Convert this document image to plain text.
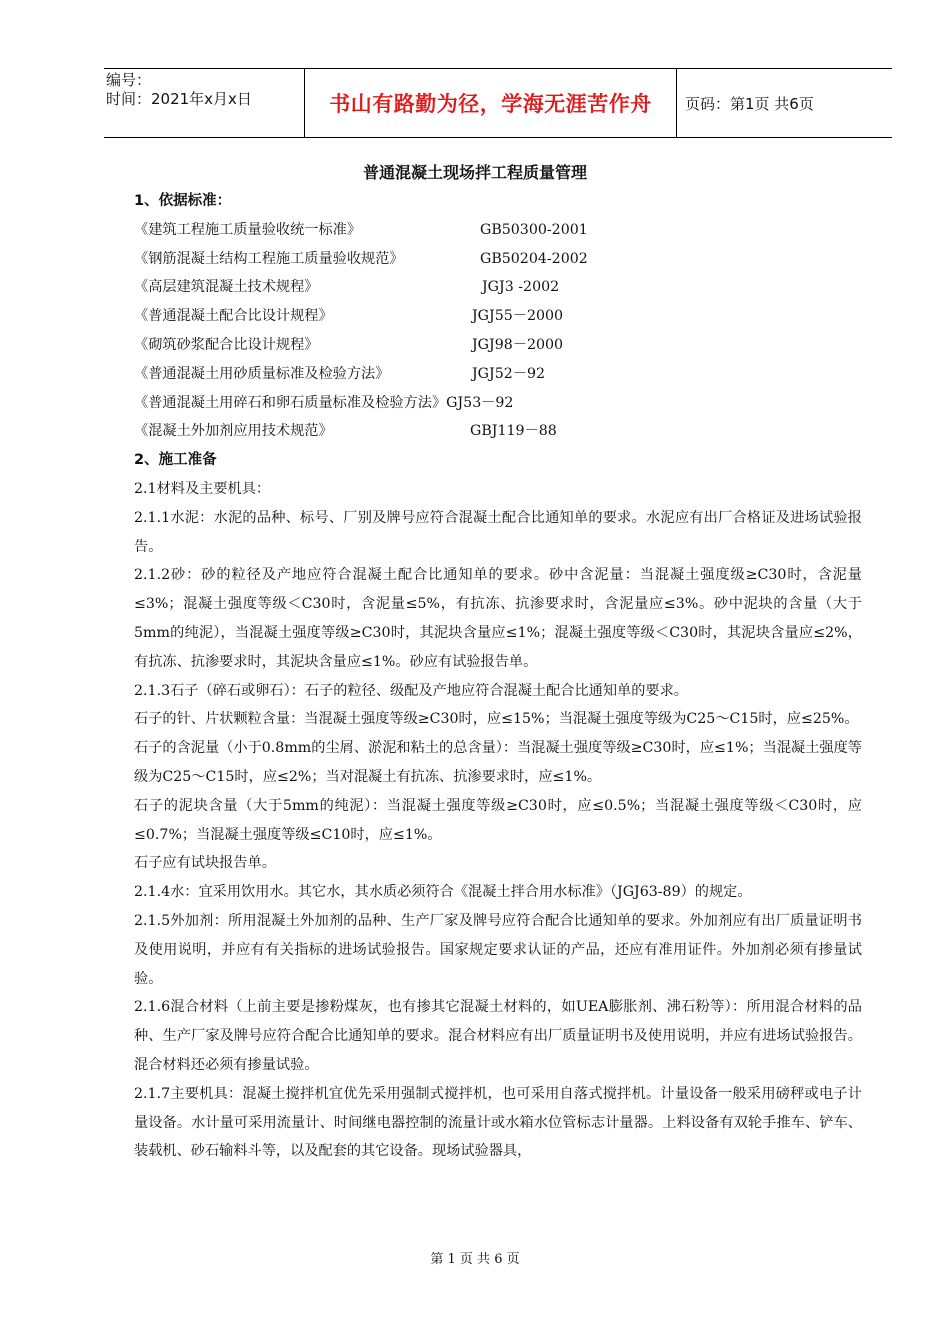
编号：
时间：2021年x月x日	书山有路勤为径，学海无涯苦作舟	页码：第1页 共6页
普通混凝土现场拌工程质量管理
1、依据标准：
《建筑工程施工质量验收统一标准》	GB50300-2001
《钢筋混凝土结构工程施工质量验收规范》	GB50204-2002
《高层建筑混凝土技术规程》	JGJ3 -2002
《普通混凝土配合比设计规程》	JGJ55－2000
《砌筑砂浆配合比设计规程》	JGJ98－2000
《普通混凝土用砂质量标准及检验方法》	JGJ52－92
《普通混凝土用碎石和卵石质量标准及检验方法》 GJ53－92
《混凝土外加剂应用技术规范》	GBJ119－88
2、施工准备

2.1材料及主要机具：

2.1.1水泥：水泥的品种、标号、厂别及牌号应符合混凝土配合比通知单的要求。水泥应有出厂合格证及进场试验报告。

2.1.2砂：砂的粒径及产地应符合混凝土配合比通知单的要求。砂中含泥量：当混凝土强度级≥C30时，含泥量≤3%；混凝土强度等级＜C30时，含泥量≤5%，有抗冻、抗渗要求时，含泥量应≤3%。砂中泥块的含量（大于5mm的纯泥），当混凝土强度等级≥C30时，其泥块含量应≤1%；混凝土强度等级＜C30时，其泥块含量应≤2%，有抗冻、抗渗要求时，其泥块含量应≤1%。砂应有试验报告单。

2.1.3石子（碎石或卵石）：石子的粒径、级配及产地应符合混凝土配合比通知单的要求。

石子的针、片状颗粒含量：当混凝土强度等级≥C30时，应≤15%；当混凝土强度等级为C25～C15时，应≤25%。

石子的含泥量（小于0.8mm的尘屑、淤泥和粘土的总含量）：当混凝土强度等级≥C30时，应≤1%；当混凝土强度等级为C25～C15时，应≤2%；当对混凝土有抗冻、抗渗要求时，应≤1%。

石子的泥块含量（大于5mm的纯泥）：当混凝土强度等级≥C30时，应≤0.5%；当混凝土强度等级＜C30时，应≤0.7%；当混凝土强度等级≤C10时，应≤1%。

石子应有试块报告单。

2.1.4水：宜采用饮用水。其它水，其水质必须符合《混凝土拌合用水标准》（JGJ63-89）的规定。

2.1.5外加剂：所用混凝土外加剂的品种、生产厂家及牌号应符合配合比通知单的要求。外加剂应有出厂质量证明书及使用说明，并应有有关指标的进场试验报告。国家规定要求认证的产品，还应有准用证件。外加剂必须有掺量试验。

2.1.6混合材料（上前主要是掺粉煤灰，也有掺其它混凝土材料的，如UEA膨胀剂、沸石粉等）：所用混合材料的品种、生产厂家及牌号应符合配合比通知单的要求。混合材料应有出厂质量证明书及使用说明，并应有进场试验报告。混合材料还必须有掺量试验。

2.1.7主要机具：混凝土搅拌机宜优先采用强制式搅拌机，也可采用自落式搅拌机。计量设备一般采用磅秤或电子计量设备。水计量可采用流量计、时间继电器控制的流量计或水箱水位管标志计量器。上料设备有双轮手推车、铲车、装载机、砂石输料斗等，以及配套的其它设备。现场试验器具，

第 1 页 共 6 页
